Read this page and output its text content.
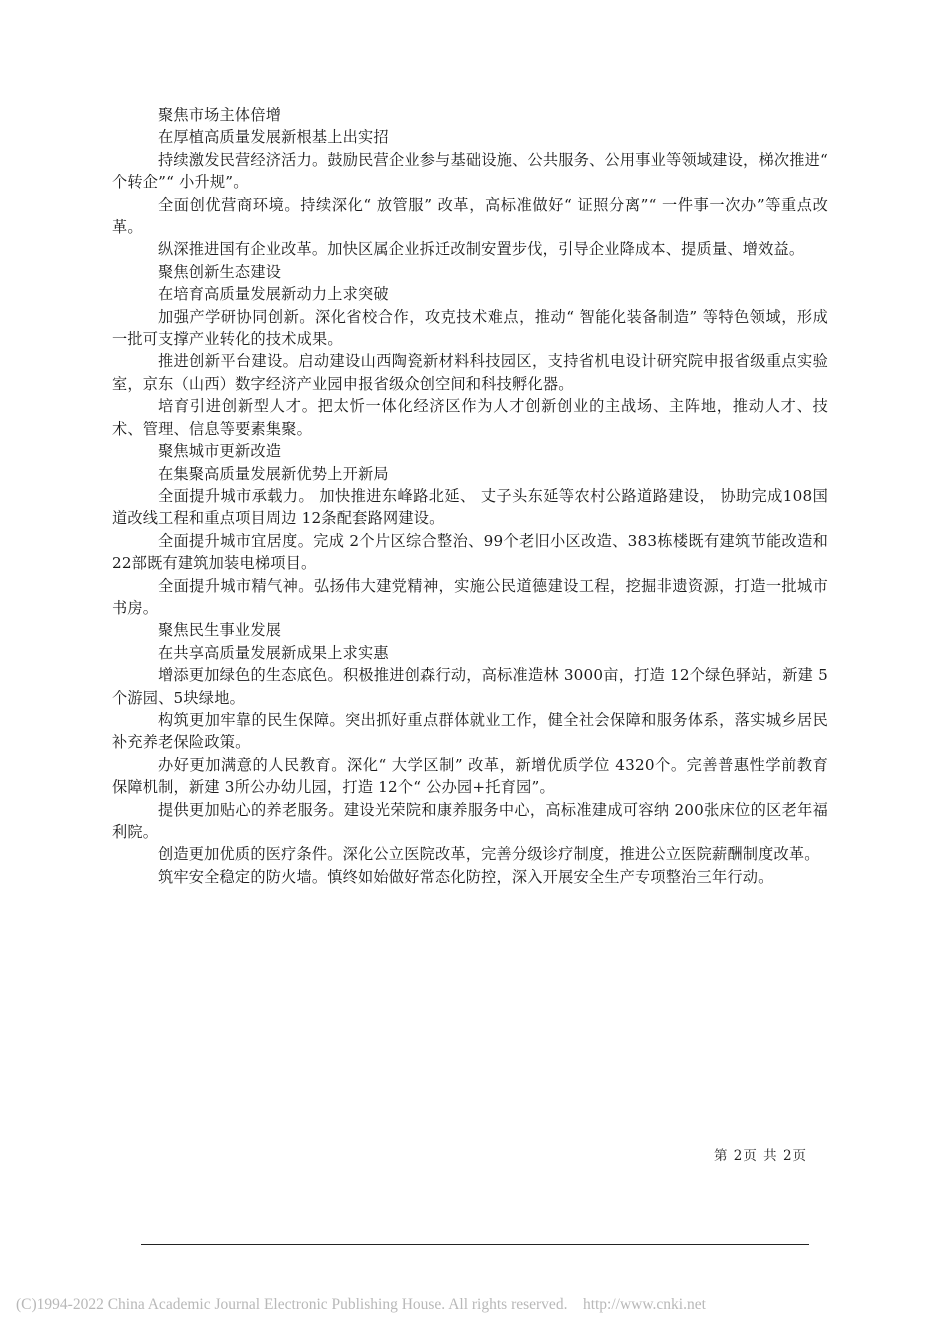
聚焦市场主体倍增

在厚植高质量发展新根基上出实招

持续激发民营经济活力。鼓励民营企业参与基础设施、公共服务、公用事业等领域建设，梯次推进“ 个转企”“ 小升规”。

全面创优营商环境。持续深化“ 放管服” 改革，高标准做好“ 证照分离”“ 一件事一次办”等重点改革。

纵深推进国有企业改革。加快区属企业拆迁改制安置步伐，引导企业降成本、提质量、增效益。

聚焦创新生态建设

在培育高质量发展新动力上求突破

加强产学研协同创新。深化省校合作，攻克技术难点，推动“ 智能化装备制造” 等特色领域，形成一批可支撑产业转化的技术成果。

推进创新平台建设。启动建设山西陶瓷新材料科技园区，支持省机电设计研究院申报省级重点实验室，京东（山西）数字经济产业园申报省级众创空间和科技孵化器。

培育引进创新型人才。把太忻一体化经济区作为人才创新创业的主战场、主阵地，推动人才、技术、管理、信息等要素集聚。

聚焦城市更新改造

在集聚高质量发展新优势上开新局

全面提升城市承载力。 加快推进东峰路北延、 丈子头东延等农村公路道路建设， 协助完成108国道改线工程和重点项目周边 12条配套路网建设。

全面提升城市宜居度。完成 2个片区综合整治、99个老旧小区改造、383栋楼既有建筑节能改造和 22部既有建筑加装电梯项目。

全面提升城市精气神。弘扬伟大建党精神，实施公民道德建设工程，挖掘非遗资源，打造一批城市书房。

聚焦民生事业发展

在共享高质量发展新成果上求实惠

增添更加绿色的生态底色。积极推进创森行动，高标准造林 3000亩，打造 12个绿色驿站，新建 5个游园、5块绿地。

构筑更加牢靠的民生保障。突出抓好重点群体就业工作，健全社会保障和服务体系，落实城乡居民补充养老保险政策。

办好更加满意的人民教育。深化“ 大学区制” 改革，新增优质学位 4320个。完善普惠性学前教育保障机制，新建 3所公办幼儿园，打造 12个“ 公办园+托育园”。

提供更加贴心的养老服务。建设光荣院和康养服务中心，高标准建成可容纳 200张床位的区老年福利院。

创造更加优质的医疗条件。深化公立医院改革，完善分级诊疗制度，推进公立医院薪酬制度改革。

筑牢安全稳定的防火墙。慎终如始做好常态化防控，深入开展安全生产专项整治三年行动。

第 2页 共 2页
(C)1994-2022 China Academic Journal Electronic Publishing House. All rights reserved.    http://www.cnki.net
